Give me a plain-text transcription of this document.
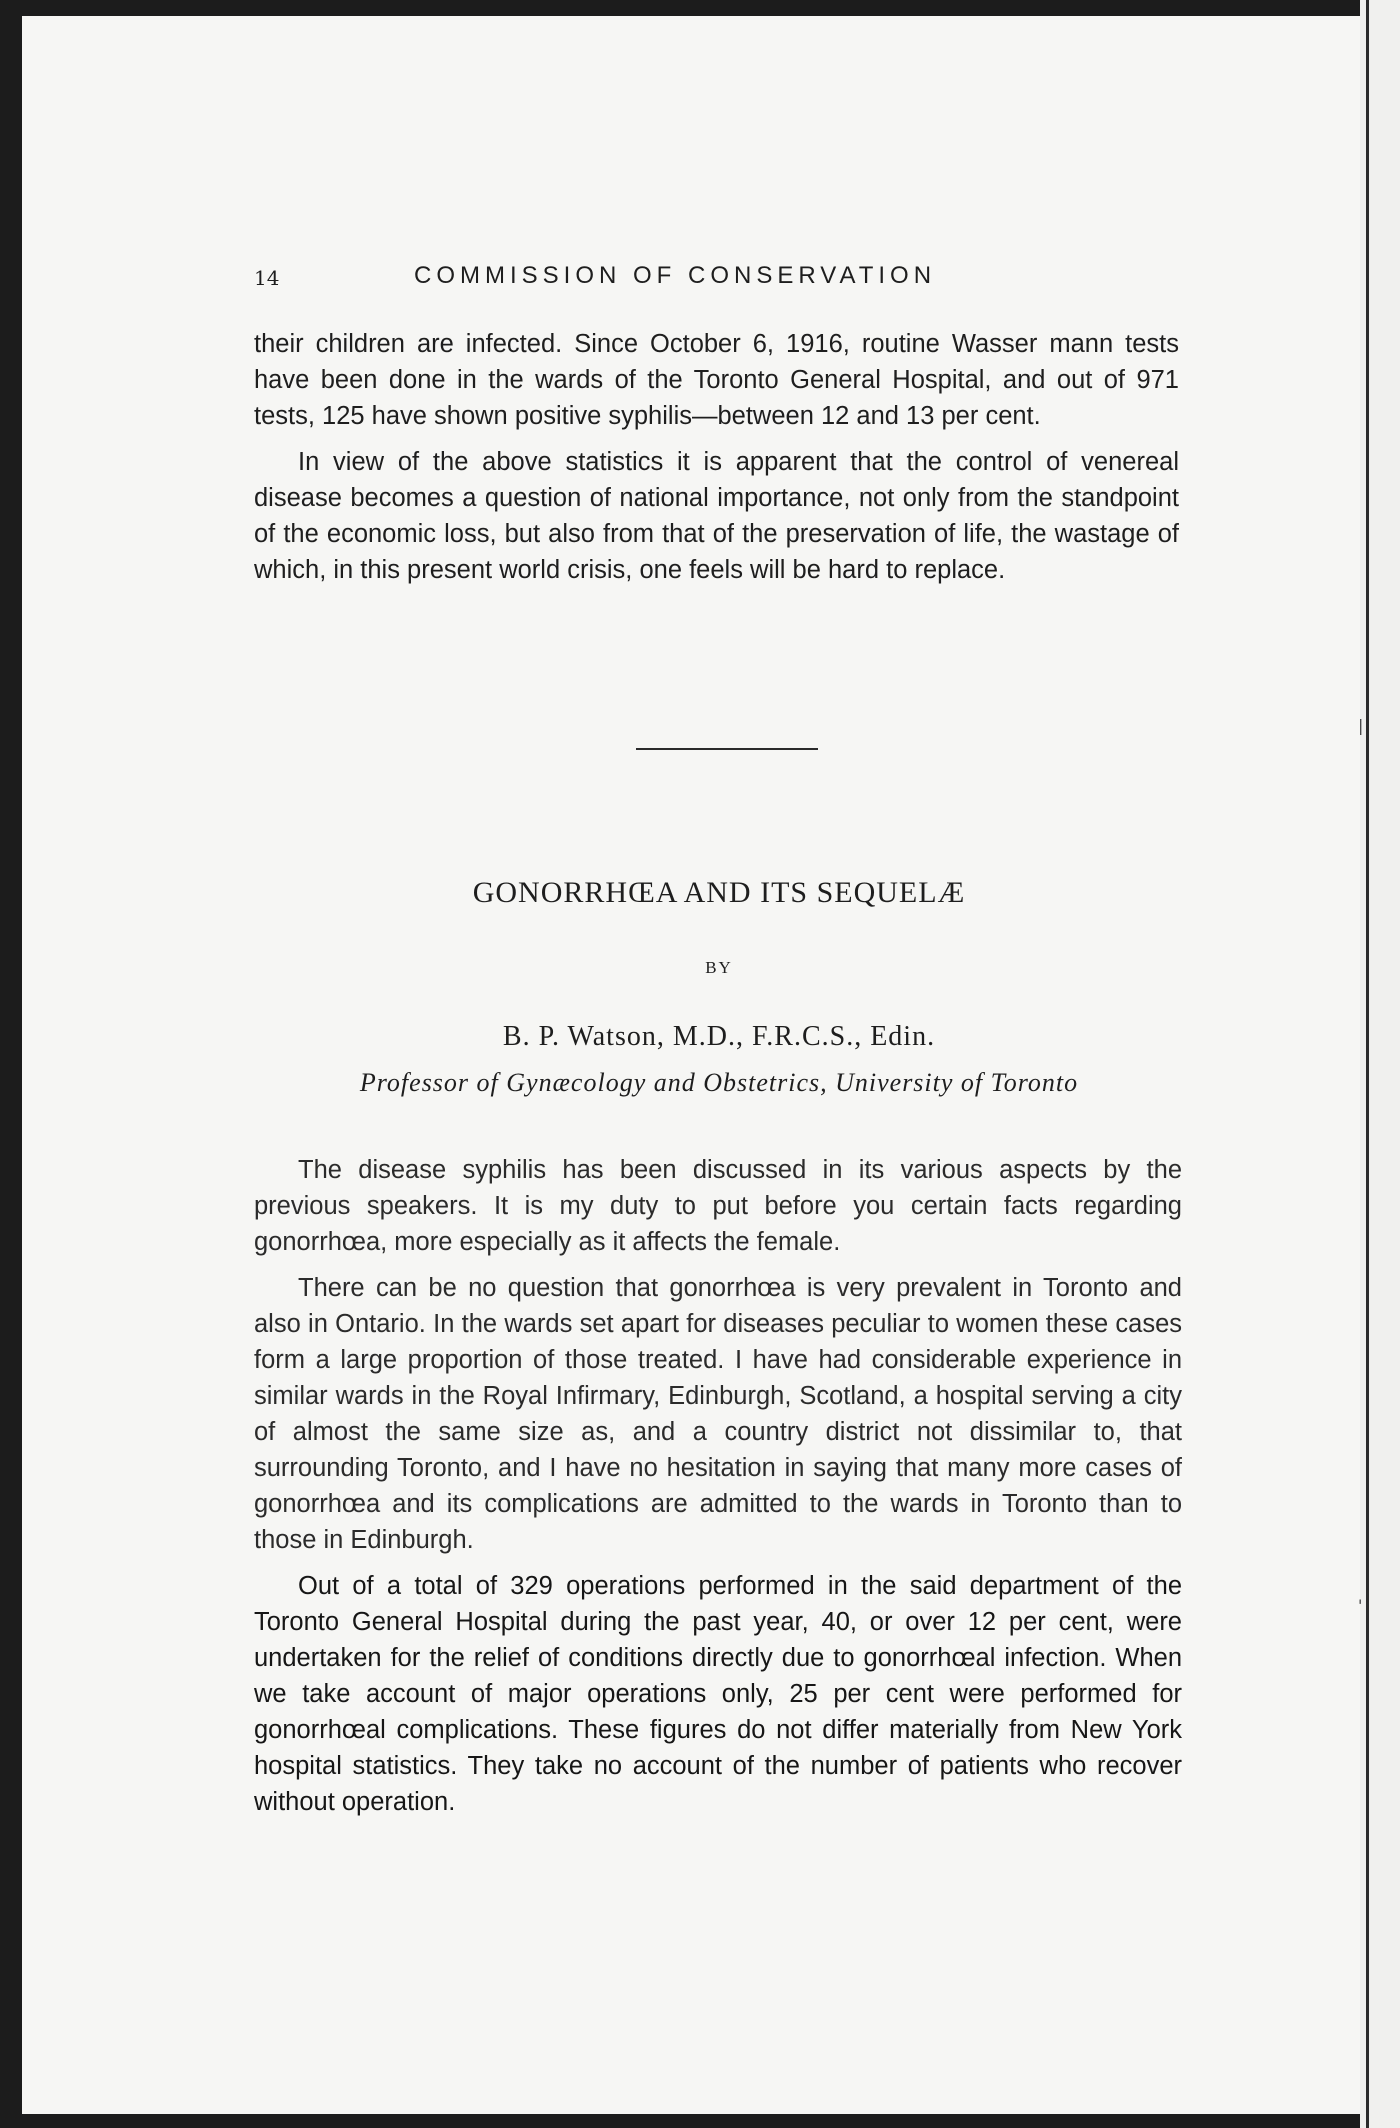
|
'
14	COMMISSION OF CONSERVATION

their children are infected. Since October 6, 1916, routine Wasser mann tests have been done in the wards of the Toronto General Hospital, and out of 971 tests, 125 have shown positive syphilis—between 12 and 13 per cent.

In view of the above statistics it is apparent that the control of venereal disease becomes a question of national importance, not only from the standpoint of the economic loss, but also from that of the preservation of life, the wastage of which, in this present world crisis, one feels will be hard to replace.

GONORRHŒA AND ITS SEQUELÆ
BY
B. P. Watson, M.D., F.R.C.S., Edin.
Professor of Gynæcology and Obstetrics, University of Toronto

The disease syphilis has been discussed in its various aspects by the previous speakers. It is my duty to put before you certain facts regarding gonorrhœa, more especially as it affects the female.

There can be no question that gonorrhœa is very prevalent in Toronto and also in Ontario. In the wards set apart for diseases peculiar to women these cases form a large proportion of those treated. I have had considerable experience in similar wards in the Royal Infirmary, Edinburgh, Scotland, a hospital serving a city of almost the same size as, and a country district not dissimilar to, that surrounding Toronto, and I have no hesitation in saying that many more cases of gonorrhœa and its complications are admitted to the wards in Toronto than to those in Edinburgh.

Out of a total of 329 operations performed in the said department of the Toronto General Hospital during the past year, 40, or over 12 per cent, were undertaken for the relief of conditions directly due to gonorrhœal infection. When we take account of major operations only, 25 per cent were performed for gonorrhœal complications. These figures do not differ materially from New York hospital statistics. They take no account of the number of patients who recover without operation.
